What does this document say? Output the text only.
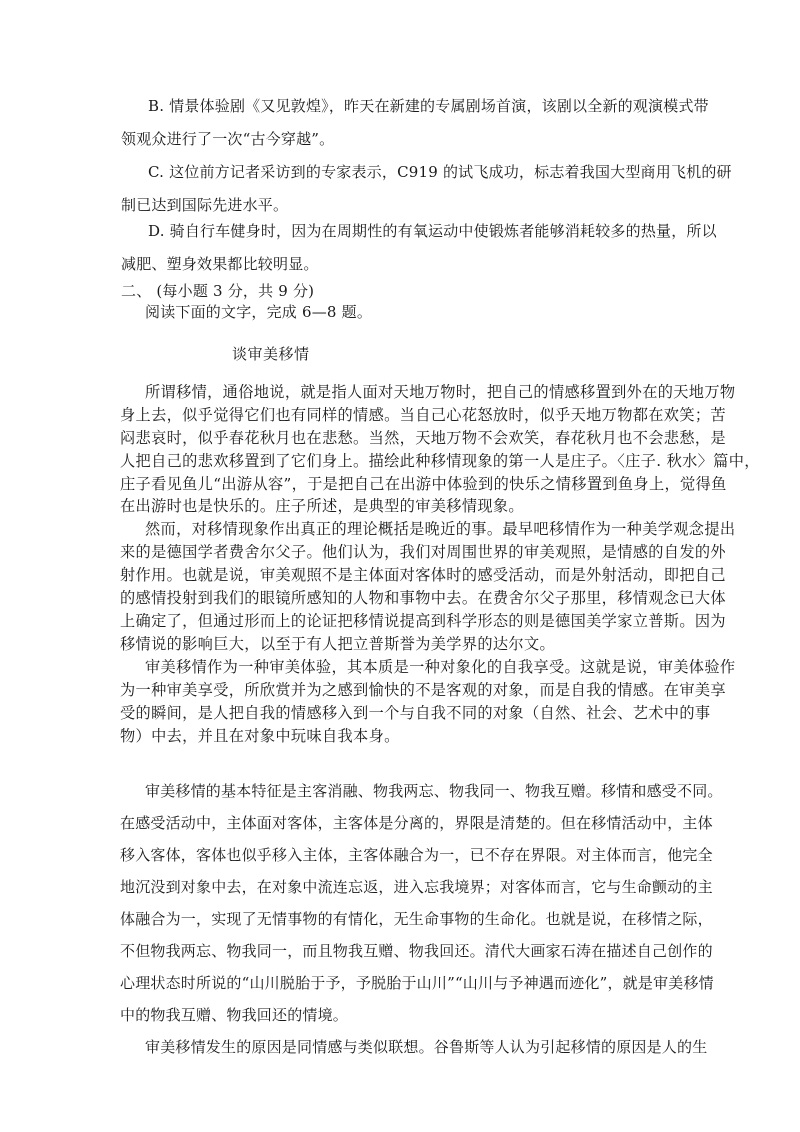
B. 情景体验剧《又见敦煌》，昨天在新建的专属剧场首演，该剧以全新的观演模式带
领观众进行了一次“古今穿越”。
C. 这位前方记者采访到的专家表示，C919 的试飞成功，标志着我国大型商用飞机的研
制已达到国际先进水平。
D. 骑自行车健身时，因为在周期性的有氧运动中使锻炼者能够消耗较多的热量，所以
减肥、塑身效果都比较明显。
二、 (每小题 3 分，共 9 分)
阅读下面的文字，完成 6—8 题。
谈审美移情
所谓移情，通俗地说，就是指人面对天地万物时，把自己的情感移置到外在的天地万物
身上去，似乎觉得它们也有同样的情感。当自己心花怒放时，似乎天地万物都在欢笑；苦
闷悲哀时，似乎春花秋月也在悲愁。当然，天地万物不会欢笑，春花秋月也不会悲愁，是
人把自己的悲欢移置到了它们身上。描绘此种移情现象的第一人是庄子。〈庄子. 秋水〉篇中，
庄子看见鱼儿“出游从容”，于是把自己在出游中体验到的快乐之情移置到鱼身上，觉得鱼
在出游时也是快乐的。庄子所述，是典型的审美移情现象。
然而，对移情现象作出真正的理论概括是晚近的事。最早吧移情作为一种美学观念提出
来的是德国学者费舍尔父子。他们认为，我们对周围世界的审美观照，是情感的自发的外
射作用。也就是说，审美观照不是主体面对客体时的感受活动，而是外射活动，即把自己
的感情投射到我们的眼镜所感知的人物和事物中去。在费舍尔父子那里，移情观念已大体
上确定了，但通过形而上的论证把移情说提高到科学形态的则是德国美学家立普斯。因为
移情说的影响巨大，以至于有人把立普斯誉为美学界的达尔文。
审美移情作为一种审美体验，其本质是一种对象化的自我享受。这就是说，审美体验作
为一种审美享受，所欣赏并为之感到愉快的不是客观的对象，而是自我的情感。在审美享
受的瞬间，是人把自我的情感移入到一个与自我不同的对象（自然、社会、艺术中的事
物）中去，并且在对象中玩味自我本身。
审美移情的基本特征是主客消融、物我两忘、物我同一、物我互赠。移情和感受不同。
在感受活动中，主体面对客体，主客体是分离的，界限是清楚的。但在移情活动中，主体
移入客体，客体也似乎移入主体，主客体融合为一，已不存在界限。对主体而言，他完全
地沉没到对象中去，在对象中流连忘返，进入忘我境界；对客体而言，它与生命颤动的主
体融合为一，实现了无情事物的有情化，无生命事物的生命化。也就是说，在移情之际，
不但物我两忘、物我同一，而且物我互赠、物我回还。清代大画家石涛在描述自己创作的
心理状态时所说的“山川脱胎于予，予脱胎于山川”“山川与予神遇而迹化”，就是审美移情
中的物我互赠、物我回还的情境。
审美移情发生的原因是同情感与类似联想。谷鲁斯等人认为引起移情的原因是人的生
